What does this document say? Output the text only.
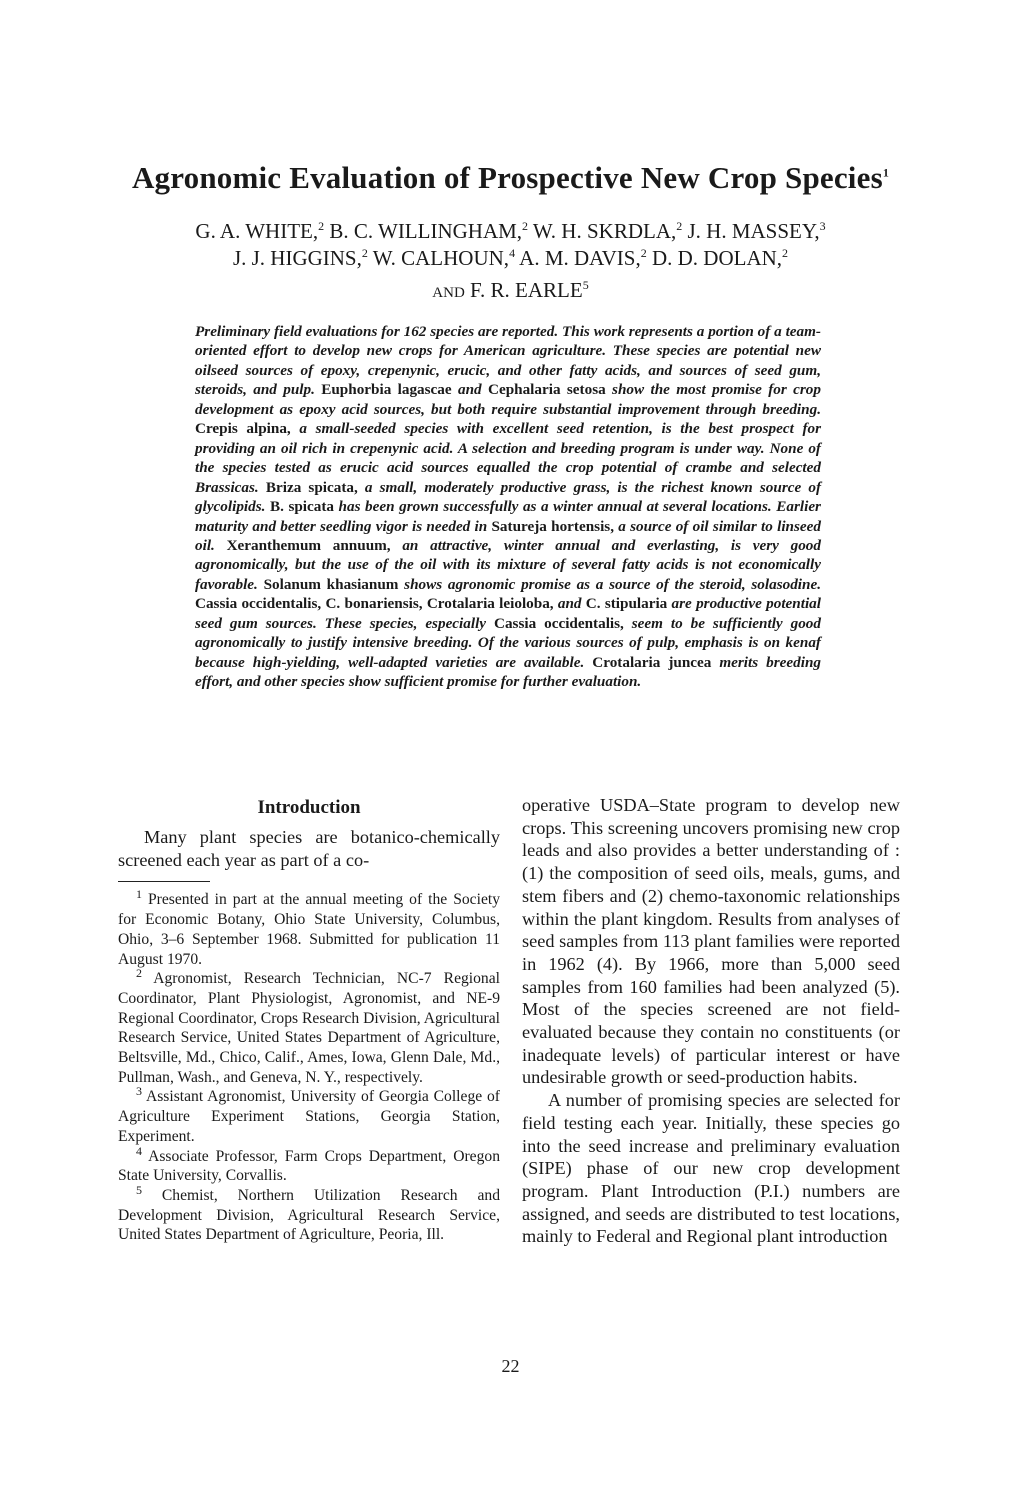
Agronomic Evaluation of Prospective New Crop Species$^1$
G. A. WHITE,$^2$ B. C. WILLINGHAM,$^2$ W. H. SKRDLA,$^2$ J. H. MASSEY,$^3$
J. J. HIGGINS,$^2$ W. CALHOUN,$^4$ A. M. DAVIS,$^2$ D. D. DOLAN,$^2$
AND F. R. EARLE$^5$

Preliminary field evaluations for 162 species are reported. This work represents a portion of a team-oriented effort to develop new crops for American agriculture. These species are potential new oilseed sources of epoxy, crepenynic, erucic, and other fatty acids, and sources of seed gum, steroids, and pulp. Euphorbia lagascae and Cephalaria setosa show the most promise for crop development as epoxy acid sources, but both require substantial improvement through breeding. Crepis alpina, a small-seeded species with excellent seed retention, is the best prospect for providing an oil rich in crepenynic acid. A selection and breeding program is under way. None of the species tested as erucic acid sources equalled the crop potential of crambe and selected Brassicas. Briza spicata, a small, moderately productive grass, is the richest known source of glycolipids. B. spicata has been grown successfully as a winter annual at several locations. Earlier maturity and better seedling vigor is needed in Satureja hortensis, a source of oil similar to linseed oil. Xeranthemum annuum, an attractive, winter annual and everlasting, is very good agronomically, but the use of the oil with its mixture of several fatty acids is not economically favorable. Solanum khasianum shows agronomic promise as a source of the steroid, solasodine. Cassia occidentalis, C. bonariensis, Crotalaria leioloba, and C. stipularia are productive potential seed gum sources. These species, especially Cassia occidentalis, seem to be sufficiently good agronomically to justify intensive breeding. Of the various sources of pulp, emphasis is on kenaf because high-yielding, well-adapted varieties are available. Crotalaria juncea merits breeding effort, and other species show sufficient promise for further evaluation.

Introduction

Many plant species are botanico-chemically screened each year as part of a co-

$^1$ Presented in part at the annual meeting of the Society for Economic Botany, Ohio State University, Columbus, Ohio, 3–6 September 1968. Submitted for publication 11 August 1970.

$^2$ Agronomist, Research Technician, NC-7 Regional Coordinator, Plant Physiologist, Agronomist, and NE-9 Regional Coordinator, Crops Research Division, Agricultural Research Service, United States Department of Agriculture, Beltsville, Md., Chico, Calif., Ames, Iowa, Glenn Dale, Md., Pullman, Wash., and Geneva, N. Y., respectively.

$^3$ Assistant Agronomist, University of Georgia College of Agriculture Experiment Stations, Georgia Station, Experiment.

$^4$ Associate Professor, Farm Crops Department, Oregon State University, Corvallis.

$^5$ Chemist, Northern Utilization Research and Development Division, Agricultural Research Service, United States Department of Agriculture, Peoria, Ill.

operative USDA–State program to develop new crops. This screening uncovers promising new crop leads and also provides a better understanding of : (1) the composition of seed oils, meals, gums, and stem fibers and (2) chemo-taxonomic relationships within the plant kingdom. Results from analyses of seed samples from 113 plant families were reported in 1962 (4). By 1966, more than 5,000 seed samples from 160 families had been analyzed (5). Most of the species screened are not field-evaluated because they contain no constituents (or inadequate levels) of particular interest or have undesirable growth or seed-production habits.

A number of promising species are selected for field testing each year. Initially, these species go into the seed increase and preliminary evaluation (SIPE) phase of our new crop development program. Plant Introduction (P.I.) numbers are assigned, and seeds are distributed to test locations, mainly to Federal and Regional plant introduction

22
